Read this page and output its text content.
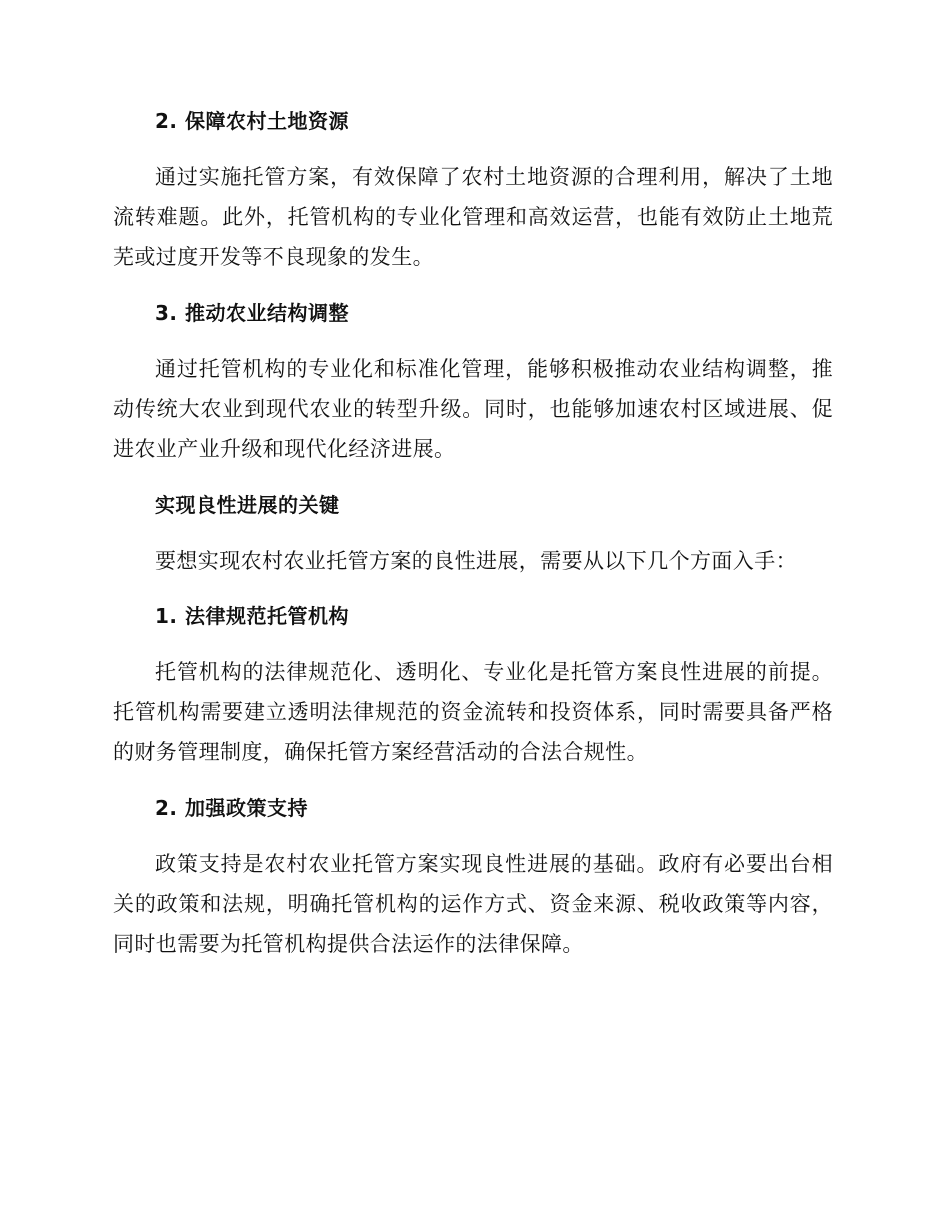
2. 保障农村土地资源

通过实施托管方案，有效保障了农村土地资源的合理利用，解决了土地流转难题。此外，托管机构的专业化管理和高效运营，也能有效防止土地荒芜或过度开发等不良现象的发生。

3. 推动农业结构调整

通过托管机构的专业化和标准化管理，能够积极推动农业结构调整，推动传统大农业到现代农业的转型升级。同时，也能够加速农村区域进展、促进农业产业升级和现代化经济进展。

实现良性进展的关键

要想实现农村农业托管方案的良性进展，需要从以下几个方面入手：

1. 法律规范托管机构

托管机构的法律规范化、透明化、专业化是托管方案良性进展的前提。托管机构需要建立透明法律规范的资金流转和投资体系，同时需要具备严格的财务管理制度，确保托管方案经营活动的合法合规性。

2. 加强政策支持

政策支持是农村农业托管方案实现良性进展的基础。政府有必要出台相关的政策和法规，明确托管机构的运作方式、资金来源、税收政策等内容，同时也需要为托管机构提供合法运作的法律保障。
